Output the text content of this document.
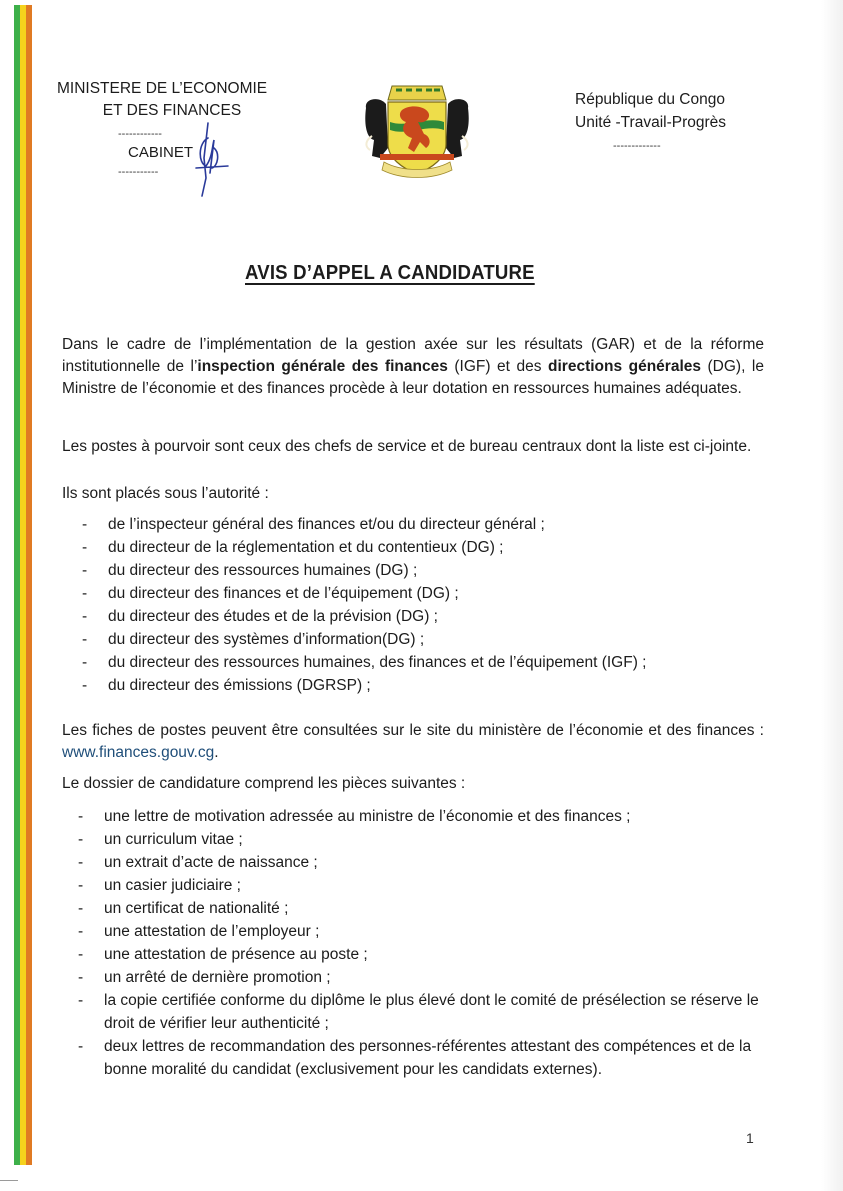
MINISTERE DE L’ECONOMIE
ET DES FINANCES
------------
CABINET
-----------
République du Congo
Unité -Travail-Progrès
-------------
AVIS D’APPEL A CANDIDATURE
Dans le cadre de l’implémentation de la gestion axée sur les résultats (GAR) et de la réforme institutionnelle de l’inspection générale des finances (IGF) et des directions générales (DG), le Ministre de l’économie et des finances procède à leur dotation en ressources humaines adéquates.
Les postes à pourvoir sont ceux des chefs de service et de bureau centraux dont la liste est ci-jointe.
Ils sont placés sous l’autorité :
- de l’inspecteur général des finances et/ou du directeur général ;
- du directeur de la réglementation et du contentieux (DG) ;
- du directeur des ressources humaines (DG) ;
- du directeur des finances et de l’équipement (DG) ;
- du directeur des études et de la prévision (DG) ;
- du directeur des systèmes d’information(DG) ;
- du directeur des ressources humaines, des finances et de l’équipement (IGF) ;
- du directeur des émissions (DGRSP) ;
Les fiches de postes peuvent être consultées sur le site du ministère de l’économie et des finances : www.finances.gouv.cg.
Le dossier de candidature comprend les pièces suivantes :
- une lettre de motivation adressée au ministre de l’économie et des finances ;
- un curriculum vitae ;
- un extrait d’acte de naissance ;
- un casier judiciaire ;
- un certificat de nationalité ;
- une attestation de l’employeur ;
- une attestation de présence au poste ;
- un arrêté de dernière promotion ;
- la copie certifiée conforme du diplôme le plus élevé dont le comité de présélection se réserve le droit de vérifier leur authenticité ;
- deux lettres de recommandation des personnes-référentes attestant des compétences et de la bonne moralité du candidat (exclusivement pour les candidats externes).
1
